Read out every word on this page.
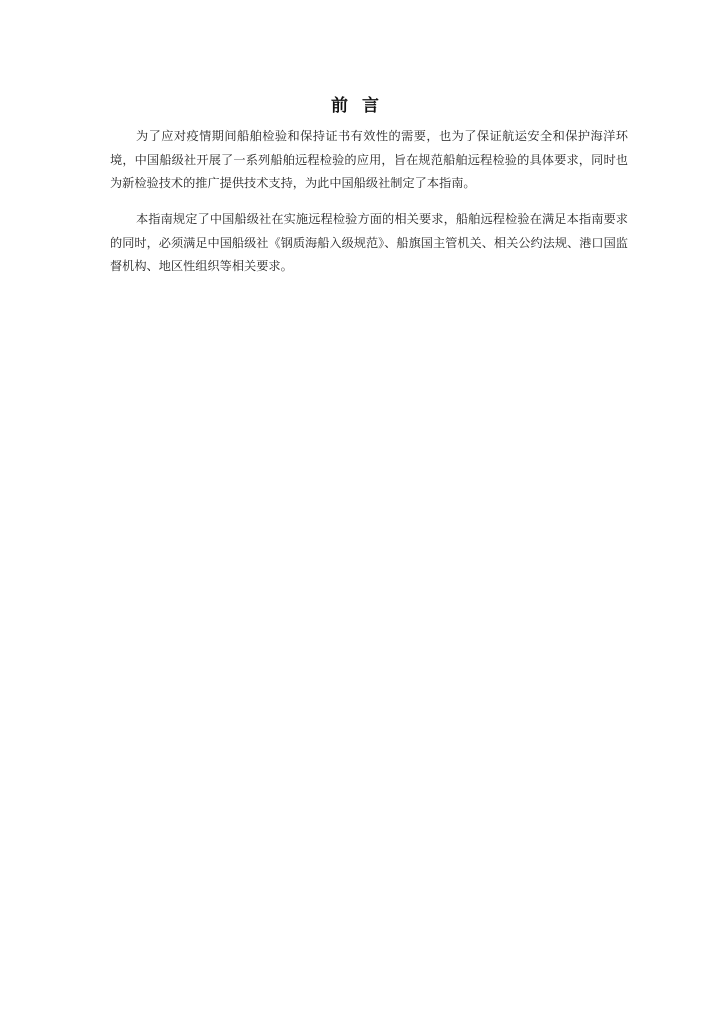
前言

为了应对疫情期间船舶检验和保持证书有效性的需要，也为了保证航运安全和保护海洋环境，中国船级社开展了一系列船舶远程检验的应用，旨在规范船舶远程检验的具体要求，同时也为新检验技术的推广提供技术支持，为此中国船级社制定了本指南。

本指南规定了中国船级社在实施远程检验方面的相关要求，船舶远程检验在满足本指南要求的同时，必须满足中国船级社《钢质海船入级规范》、船旗国主管机关、相关公约法规、港口国监督机构、地区性组织等相关要求。
